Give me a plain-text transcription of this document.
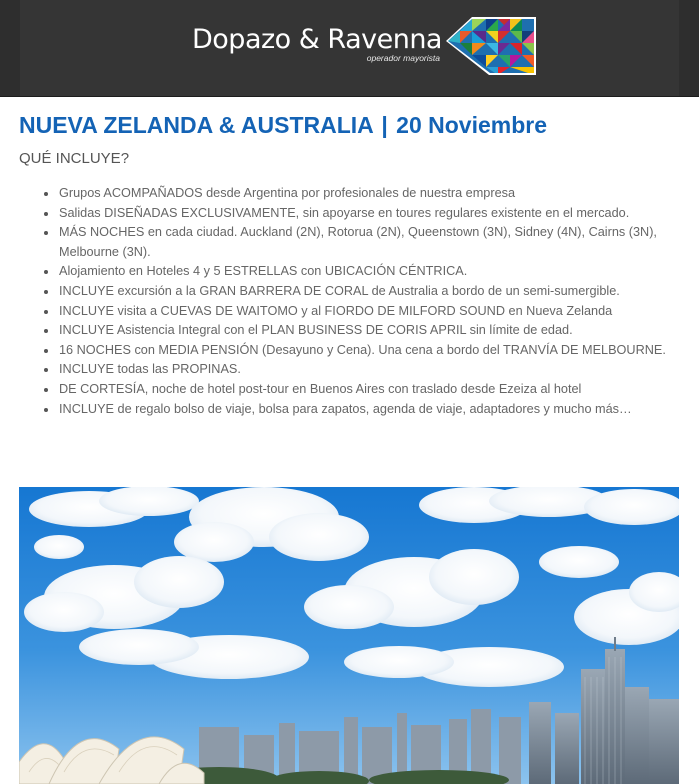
Dopazo & Ravenna
operador mayorista
NUEVA ZELANDA & AUSTRALIA | 20 Noviembre
QUÉ INCLUYE?
Grupos ACOMPAÑADOS desde Argentina por profesionales de nuestra empresa
Salidas DISEÑADAS EXCLUSIVAMENTE, sin apoyarse en toures regulares existente en el mercado.
MÁS NOCHES en cada ciudad. Auckland (2N), Rotorua (2N), Queenstown (3N), Sidney (4N), Cairns (3N), Melbourne (3N).
Alojamiento en Hoteles 4 y 5 ESTRELLAS con UBICACIÓN CÉNTRICA.
INCLUYE excursión a la GRAN BARRERA DE CORAL de Australia a bordo de un semi-sumergible.
INCLUYE visita a CUEVAS DE WAITOMO y al FIORDO DE MILFORD SOUND en Nueva Zelanda
INCLUYE Asistencia Integral con el PLAN BUSINESS DE CORIS APRIL sin límite de edad.
16 NOCHES con MEDIA PENSIÓN (Desayuno y Cena). Una cena a bordo del TRANVÍA DE MELBOURNE.
INCLUYE todas las PROPINAS.
DE CORTESÍA, noche de hotel post-tour en Buenos Aires con traslado desde Ezeiza al hotel
INCLUYE de regalo bolso de viaje, bolsa para zapatos, agenda de viaje, adaptadores y mucho más…
